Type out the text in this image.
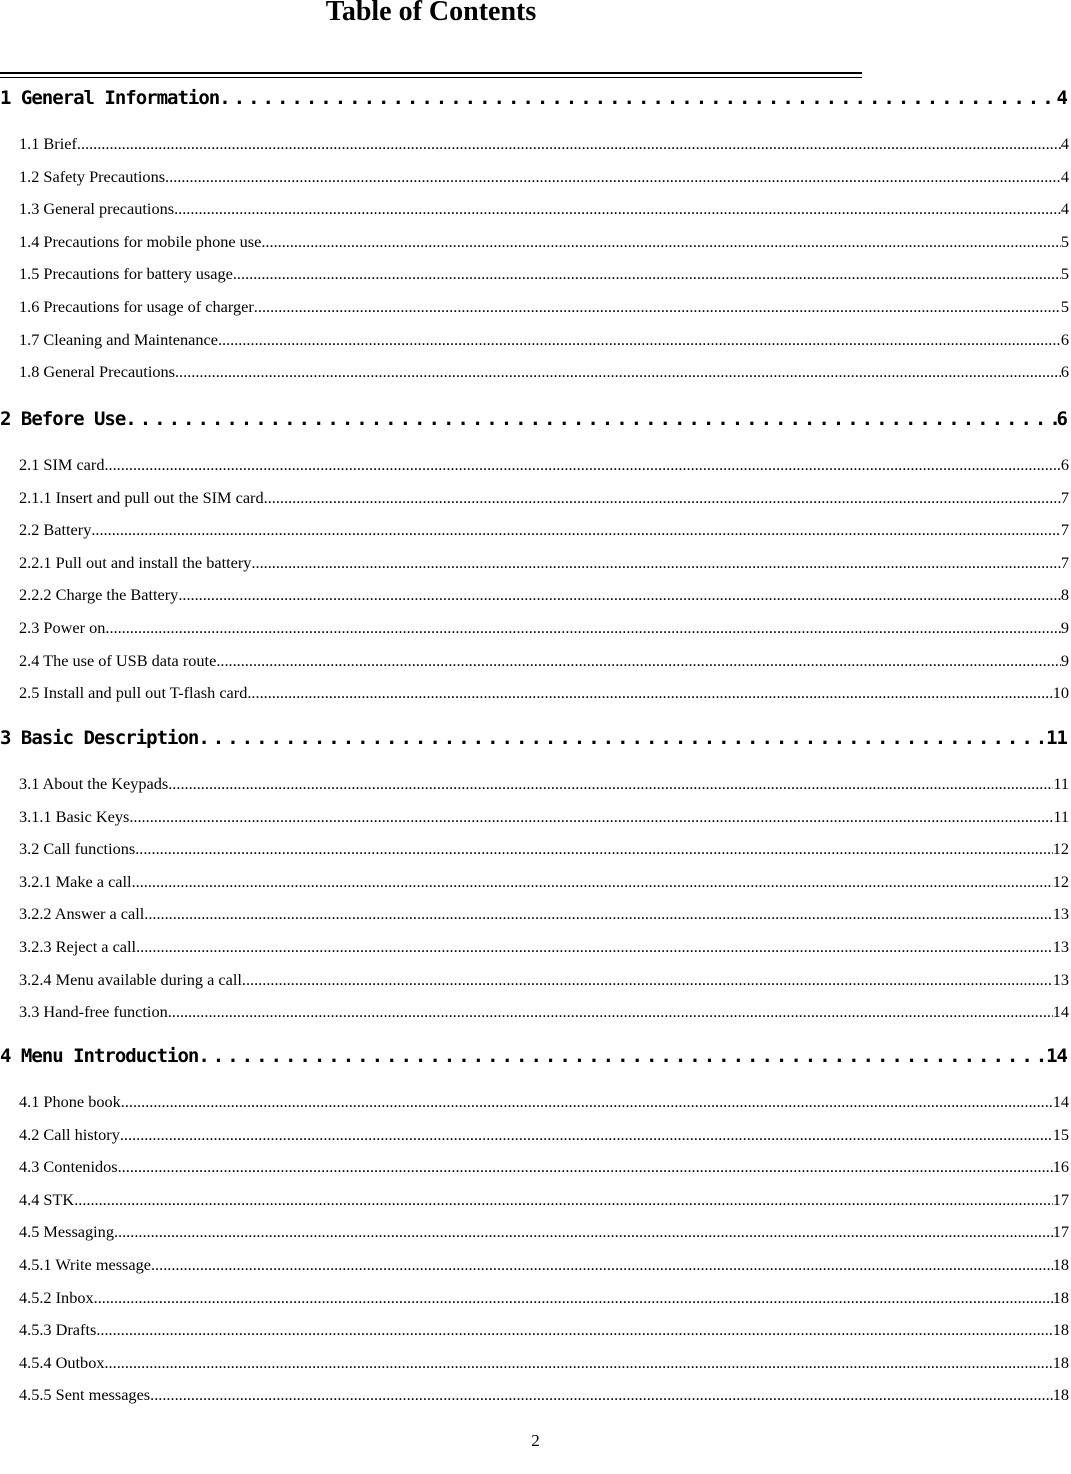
Table of Contents
1 General Information .....	4
1.1 Brief .....	4
1.2 Safety Precautions .....	4
1.3 General precautions .....	4
1.4 Precautions for mobile phone use .....	5
1.5 Precautions for battery usage .....	5
1.6 Precautions for usage of charger .....	5
1.7 Cleaning and Maintenance .....	6
1.8 General Precautions .....	6
2 Before Use .....	6
2.1 SIM card .....	6
2.1.1 Insert and pull out the SIM card .....	7
2.2 Battery .....	7
2.2.1 Pull out and install the battery .....	7
2.2.2 Charge the Battery .....	8
2.3 Power on .....	9
2.4 The use of USB data route .....	9
2.5 Install and pull out T-flash card .....	10
3 Basic Description .....	11
3.1 About the Keypads .....	11
3.1.1 Basic Keys .....	11
3.2 Call functions .....	12
3.2.1 Make a call .....	12
3.2.2 Answer a call .....	13
3.2.3 Reject a call .....	13
3.2.4 Menu available during a call .....	13
3.3 Hand-free function .....	14
4 Menu Introduction .....	14
4.1 Phone book .....	14
4.2 Call history .....	15
4.3 Contenidos .....	16
4.4 STK .....	17
4.5 Messaging .....	17
4.5.1 Write message .....	18
4.5.2 Inbox .....	18
4.5.3 Drafts .....	18
4.5.4 Outbox .....	18
4.5.5 Sent messages .....	18
2
